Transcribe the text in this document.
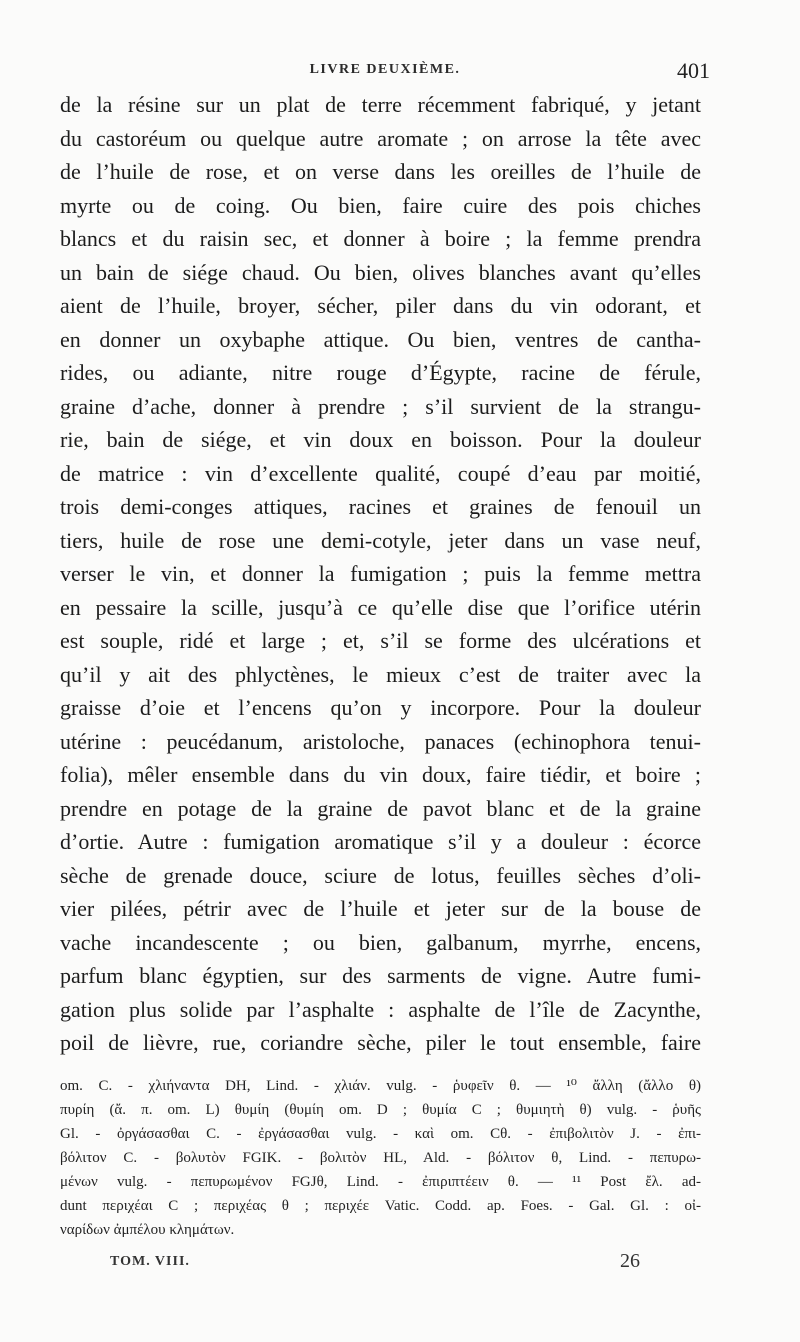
LIVRE DEUXIÈME.	401
de la résine sur un plat de terre récemment fabriqué, y jetant
du castoréum ou quelque autre aromate ; on arrose la tête avec
de l’huile de rose, et on verse dans les oreilles de l’huile de
myrte ou de coing. Ou bien, faire cuire des pois chiches
blancs et du raisin sec, et donner à boire ; la femme prendra
un bain de siége chaud. Ou bien, olives blanches avant qu’elles
aient de l’huile, broyer, sécher, piler dans du vin odorant, et
en donner un oxybaphe attique. Ou bien, ventres de cantha-
rides, ou adiante, nitre rouge d’Égypte, racine de férule,
graine d’ache, donner à prendre ; s’il survient de la strangu-
rie, bain de siége, et vin doux en boisson. Pour la douleur
de matrice : vin d’excellente qualité, coupé d’eau par moitié,
trois demi-conges attiques, racines et graines de fenouil un
tiers, huile de rose une demi-cotyle, jeter dans un vase neuf,
verser le vin, et donner la fumigation ; puis la femme mettra
en pessaire la scille, jusqu’à ce qu’elle dise que l’orifice utérin
est souple, ridé et large ; et, s’il se forme des ulcérations et
qu’il y ait des phlyctènes, le mieux c’est de traiter avec la
graisse d’oie et l’encens qu’on y incorpore. Pour la douleur
utérine : peucédanum, aristoloche, panaces (echinophora tenui-
folia), mêler ensemble dans du vin doux, faire tiédir, et boire ;
prendre en potage de la graine de pavot blanc et de la graine
d’ortie. Autre : fumigation aromatique s’il y a douleur : écorce
sèche de grenade douce, sciure de lotus, feuilles sèches d’oli-
vier pilées, pétrir avec de l’huile et jeter sur de la bouse de
vache incandescente ; ou bien, galbanum, myrrhe, encens,
parfum blanc égyptien, sur des sarments de vigne. Autre fumi-
gation plus solide par l’asphalte : asphalte de l’île de Zacynthe,
poil de lièvre, rue, coriandre sèche, piler le tout ensemble, faire
om. C. - χλιήναντα DH, Lind. - χλιάν. vulg. - ῥυφεῖν θ. — ¹⁰ ἄλλη (ἄλλο θ)
πυρίη (ἄ. π. om. L) θυμίη (θυμίη om. D ; θυμία C ; θυμιητὴ θ) vulg. - ῥυῆς
Gl. - ὀργάσασθαι C. - ἐργάσασθαι vulg. - καὶ om. Cθ. - ἐπιβολιτὸν J. - ἐπι-
βόλιτον C. - βολυτὸν FGIK. - βολιτὸν HL, Ald. - βόλιτον θ, Lind. - πεπυρω-
μένων vulg. - πεπυρωμένον FGJθ, Lind. - ἐπιριπτέειν θ. — ¹¹ Post ἔλ. ad-
dunt περιχέαι C ; περιχέας θ ; περιχέε Vatic. Codd. ap. Foes. - Gal. Gl. : οἰ-
ναρίδων ἀμπέλου κλημάτων.
TOM. VIII.	26
